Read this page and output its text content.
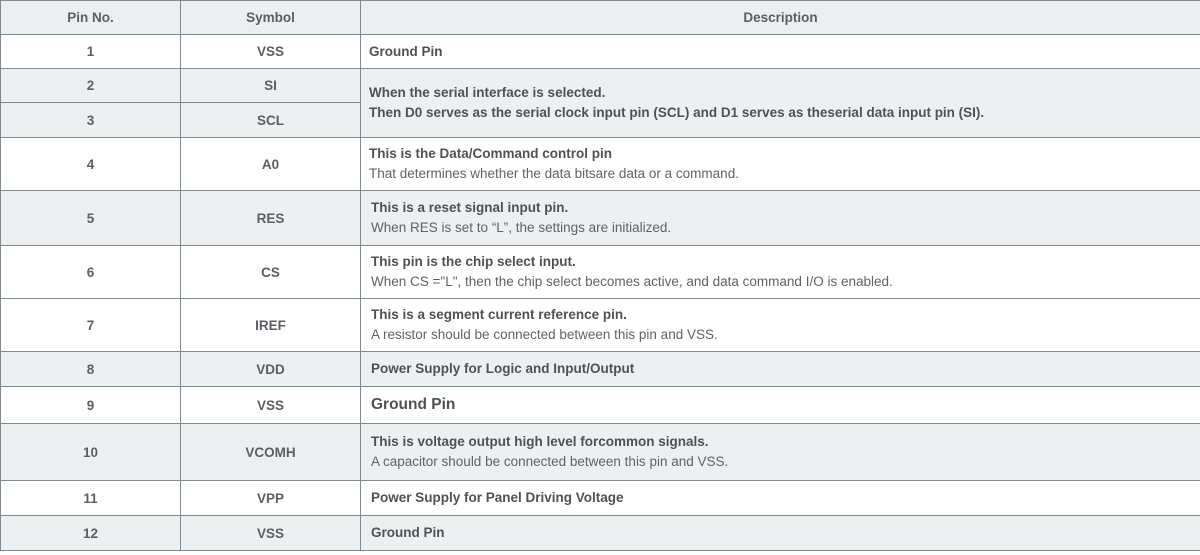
Pin No.	Symbol	Description
1	VSS	Ground Pin

2	SI	When the serial interface is selected.
Then D0 serves as the serial clock input pin (SCL) and D1 serves as theserial data input pin (SI).

3	SCL	
4	A0	This is the Data/Command control pin
That determines whether the data bitsare data or a command.

5	RES	This is a reset signal input pin.
When RES is set to “L”, the settings are initialized.

6	CS	This pin is the chip select input.
When CS ="L", then the chip select becomes active, and data command I/O is enabled.

7	IREF	This is a segment current reference pin.
A resistor should be connected between this pin and VSS.

8	VDD	Power Supply for Logic and Input/Output

9	VSS	Ground Pin

10	VCOMH	This is voltage output high level forcommon signals.
A capacitor should be connected between this pin and VSS.

11	VPP	Power Supply for Panel Driving Voltage

12	VSS	Ground Pin
